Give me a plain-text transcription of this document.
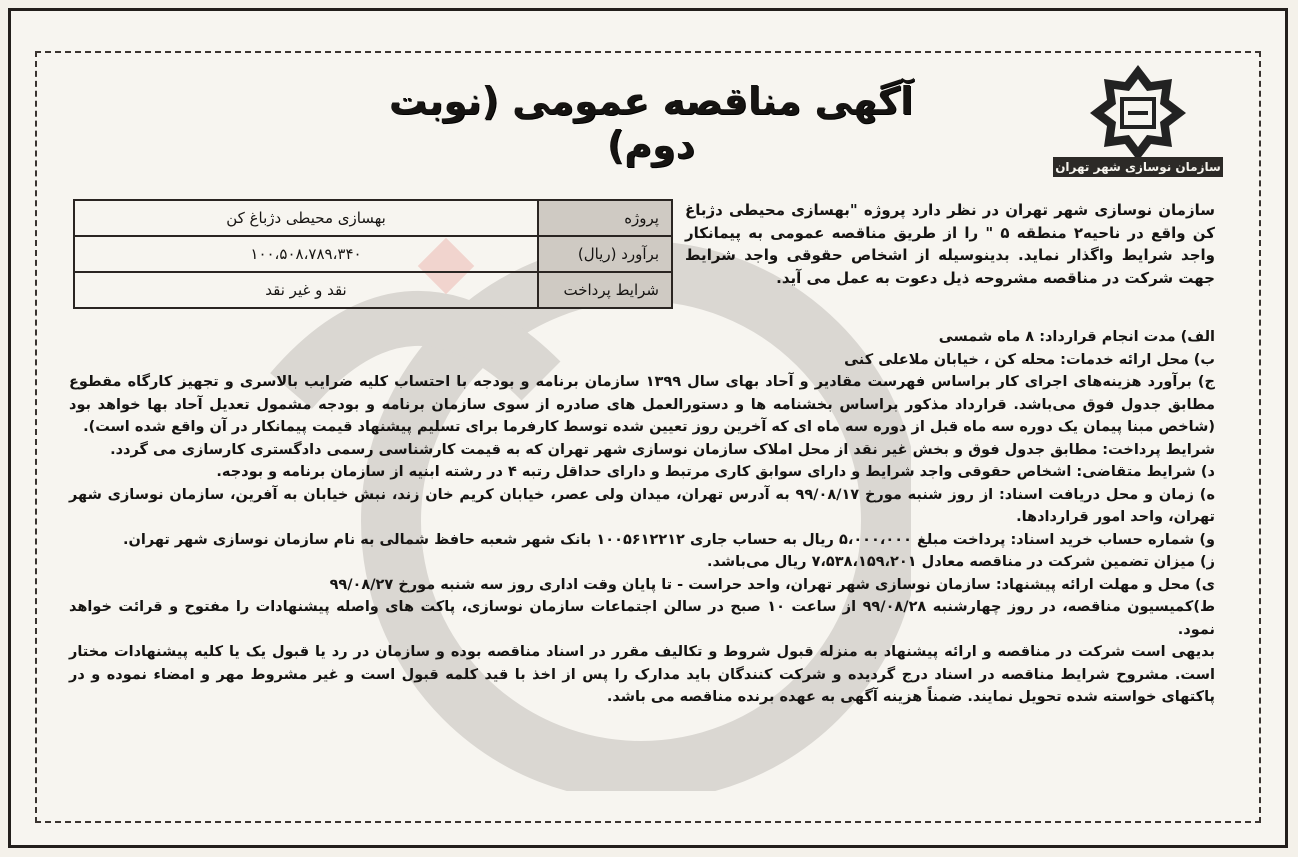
آگهی مناقصه عمومی (نوبت دوم)	سازمان نوسازی شهر تهران
پروژه	بهسازی محیطی دژباغ کن
برآورد (ریال)	۱۰۰،۵۰۸،۷۸۹،۳۴۰
شرایط پرداخت	نقد و غیر نقد
سازمان نوسازی شهر تهران در نظر دارد پروژه "بهسازی محیطی دژباغ کن واقع در ناحیه۲ منطقه ۵ " را از طریق مناقصه عمومی به پیمانکار واجد شرایط واگذار نماید. بدینوسیله از اشخاص حقوقی واجد شرایط جهت شرکت در مناقصه مشروحه ذیل دعوت به عمل می آید.

الف) مدت انجام قرارداد: ۸ ماه شمسی

ب) محل ارائه خدمات: محله کن ، خیابان ملاعلی کنی

ج) برآورد هزینه‌های اجرای کار براساس فهرست مقادیر و آحاد بهای سال ۱۳۹۹ سازمان برنامه و بودجه با احتساب کلیه ضرایب بالاسری و تجهیز کارگاه مقطوع مطابق جدول فوق می‌باشد. قرارداد مذکور براساس بخشنامه ها و دستورالعمل های صادره از سوی سازمان برنامه و بودجه مشمول تعدیل آحاد بها خواهد بود (شاخص مبنا پیمان یک دوره سه ماه قبل از دوره سه ماه ای که آخرین روز تعیین شده توسط کارفرما برای تسلیم پیشنهاد قیمت پیمانکار در آن واقع شده است).

شرایط پرداخت: مطابق جدول فوق و بخش غیر نقد از محل املاک سازمان نوسازی شهر تهران که به قیمت کارشناسی رسمی دادگستری کارسازی می گردد.

د) شرایط متقاضی: اشخاص حقوقی واجد شرایط و دارای سوابق کاری مرتبط و دارای حداقل رتبه ۴ در رشته ابنیه از سازمان برنامه و بودجه.

ه) زمان و محل دریافت اسناد: از روز شنبه مورخ ۹۹/۰۸/۱۷ به آدرس تهران، میدان ولی عصر، خیابان کریم خان زند، نبش خیابان به آفرین، سازمان نوسازی شهر تهران، واحد امور قراردادها.

و) شماره حساب خرید اسناد: پرداخت مبلغ ۵،۰۰۰،۰۰۰ ریال به حساب جاری ۱۰۰۵۶۱۲۲۱۲ بانک شهر شعبه حافظ شمالی به نام سازمان نوسازی شهر تهران.

ز) میزان تضمین شرکت در مناقصه معادل ۷،۵۳۸،۱۵۹،۲۰۱ ریال می‌باشد.

ی) محل و مهلت ارائه پیشنهاد: سازمان نوسازی شهر تهران، واحد حراست - تا پایان وقت اداری روز سه شنبه مورخ ۹۹/۰۸/۲۷

ط)کمیسیون مناقصه، در روز چهارشنبه ۹۹/۰۸/۲۸ از ساعت ۱۰ صبح در سالن اجتماعات سازمان نوسازی، پاکت های واصله پیشنهادات را مفتوح و قرائت خواهد نمود.

بدیهی است شرکت در مناقصه و ارائه پیشنهاد به منزله قبول شروط و تکالیف مقرر در اسناد مناقصه بوده و سازمان در رد یا قبول یک یا کلیه پیشنهادات مختار است. مشروح شرایط مناقصه در اسناد درج گردیده و شرکت کنندگان باید مدارک را پس از اخذ با قید کلمه قبول است و غیر مشروط مهر و امضاء نموده و در پاکتهای خواسته شده تحویل نمایند. ضمناً هزینه آگهی به عهده برنده مناقصه می باشد.
